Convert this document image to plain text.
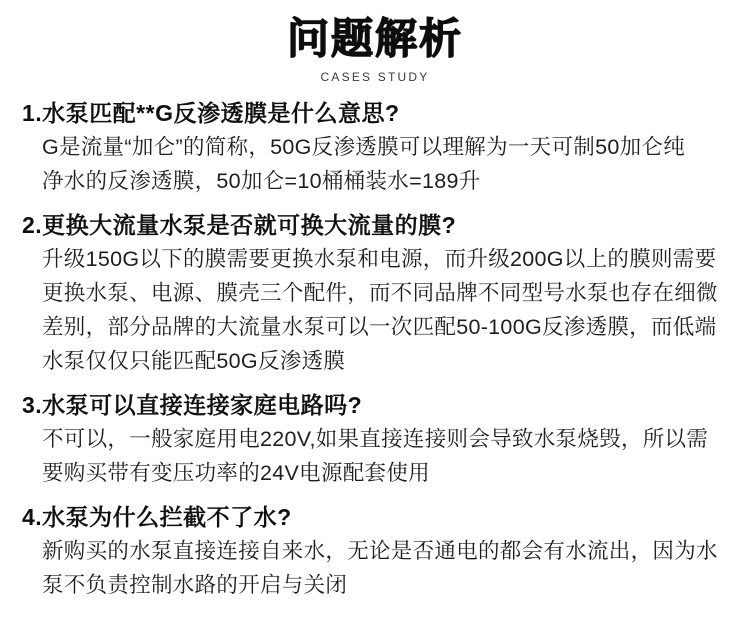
问题解析
CASES STUDY
1.水泵匹配**G反渗透膜是什么意思?
G是流量“加仑”的简称，50G反渗透膜可以理解为一天可制50加仑纯
净水的反渗透膜，50加仑=10桶桶装水=189升
2.更换大流量水泵是否就可换大流量的膜?
升级150G以下的膜需要更换水泵和电源，而升级200G以上的膜则需要
更换水泵、电源、膜壳三个配件，而不同品牌不同型号水泵也存在细微
差别，部分品牌的大流量水泵可以一次匹配50-100G反渗透膜，而低端
水泵仅仅只能匹配50G反渗透膜
3.水泵可以直接连接家庭电路吗?
不可以，一般家庭用电220V,如果直接连接则会导致水泵烧毁，所以需
要购买带有变压功率的24V电源配套使用
4.水泵为什么拦截不了水?
新购买的水泵直接连接自来水，无论是否通电的都会有水流出，因为水
泵不负责控制水路的开启与关闭
